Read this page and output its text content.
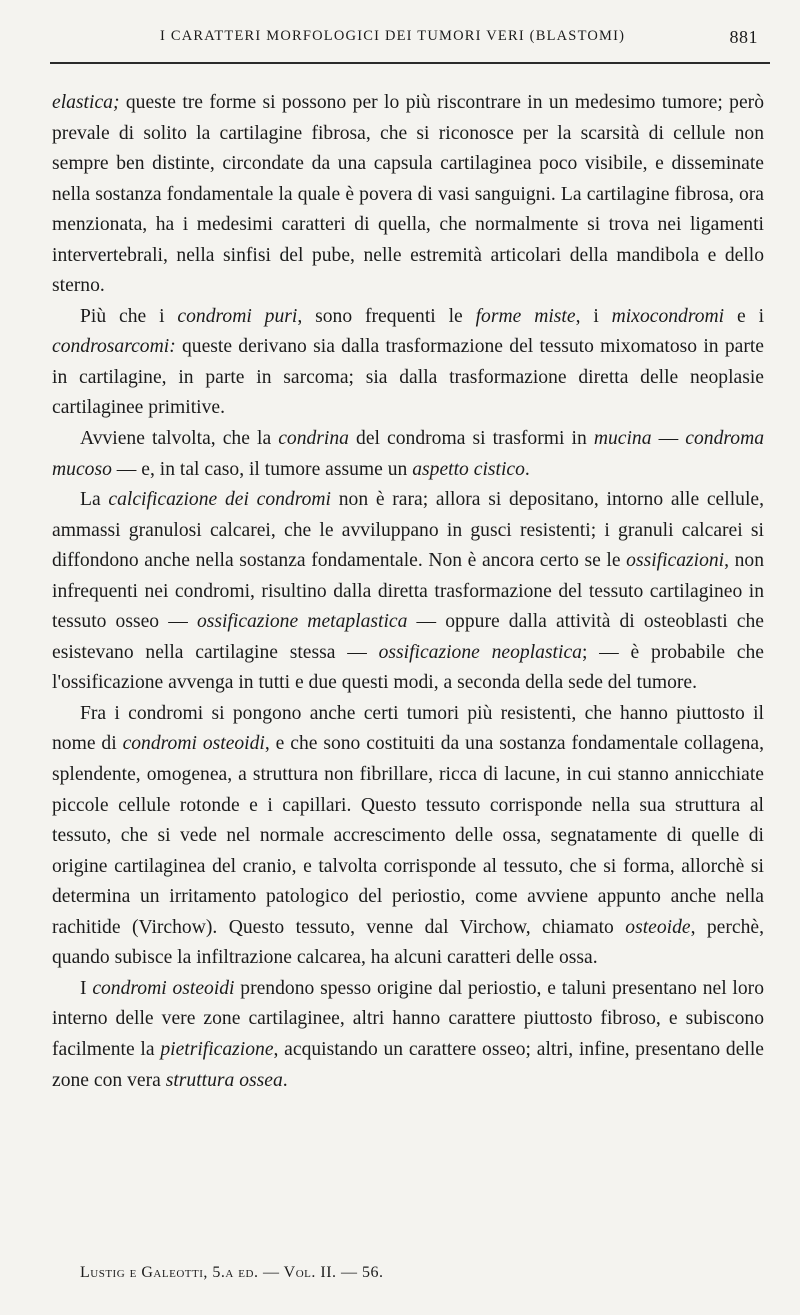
I CARATTERI MORFOLOGICI DEI TUMORI VERI (BLASTOMI)	881

elastica; queste tre forme si possono per lo più riscontrare in un medesimo tumore; però prevale di solito la cartilagine fibrosa, che si riconosce per la scarsità di cellule non sempre ben distinte, circondate da una capsula cartilaginea poco visibile, e disseminate nella sostanza fondamentale la quale è povera di vasi sanguigni. La cartilagine fibrosa, ora menzionata, ha i medesimi caratteri di quella, che normalmente si trova nei ligamenti intervertebrali, nella sinfisi del pube, nelle estremità articolari della mandibola e dello sterno.

Più che i condromi puri, sono frequenti le forme miste, i mixocondromi e i condrosarcomi: queste derivano sia dalla trasformazione del tessuto mixomatoso in parte in cartilagine, in parte in sarcoma; sia dalla trasformazione diretta delle neoplasie cartilaginee primitive.

Avviene talvolta, che la condrina del condroma si trasformi in mucina — condroma mucoso — e, in tal caso, il tumore assume un aspetto cistico.

La calcificazione dei condromi non è rara; allora si depositano, intorno alle cellule, ammassi granulosi calcarei, che le avviluppano in gusci resistenti; i granuli calcarei si diffondono anche nella sostanza fondamentale. Non è ancora certo se le ossificazioni, non infrequenti nei condromi, risultino dalla diretta trasformazione del tessuto cartilagineo in tessuto osseo — ossificazione metaplastica — oppure dalla attività di osteoblasti che esistevano nella cartilagine stessa — ossificazione neoplastica; — è probabile che l'ossificazione avvenga in tutti e due questi modi, a seconda della sede del tumore.

Fra i condromi si pongono anche certi tumori più resistenti, che hanno piuttosto il nome di condromi osteoidi, e che sono costituiti da una sostanza fondamentale collagena, splendente, omogenea, a struttura non fibrillare, ricca di lacune, in cui stanno annicchiate piccole cellule rotonde e i capillari. Questo tessuto corrisponde nella sua struttura al tessuto, che si vede nel normale accrescimento delle ossa, segnatamente di quelle di origine cartilaginea del cranio, e talvolta corrisponde al tessuto, che si forma, allorchè si determina un irritamento patologico del periostio, come avviene appunto anche nella rachitide (Virchow). Questo tessuto, venne dal Virchow, chiamato osteoide, perchè, quando subisce la infiltrazione calcarea, ha alcuni caratteri delle ossa.

I condromi osteoidi prendono spesso origine dal periostio, e taluni presentano nel loro interno delle vere zone cartilaginee, altri hanno carattere piuttosto fibroso, e subiscono facilmente la pietrificazione, acquistando un carattere osseo; altri, infine, presentano delle zone con vera struttura ossea.

Lustig e Galeotti, 5.a ed. — Vol. II. — 56.
